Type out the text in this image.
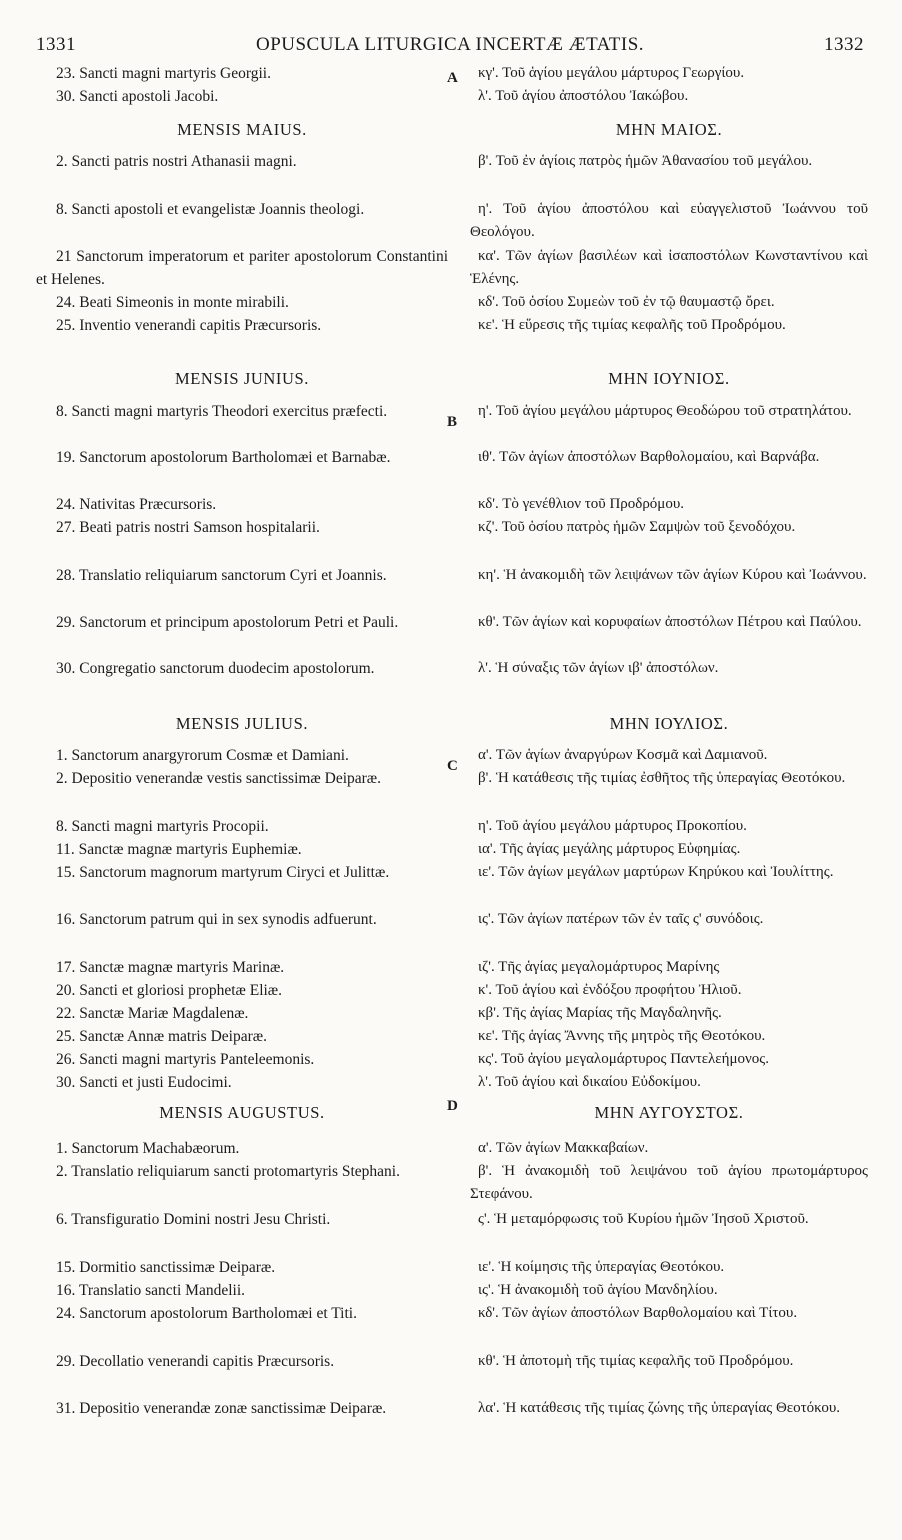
1331	OPUSCULA LITURGICA INCERTÆ ÆTATIS.	1332
23. Sancti magni martyris Georgii.
30. Sancti apostoli Jacobi.
MENSIS MAIUS.
2. Sancti patris nostri Athanasii magni.
8. Sancti apostoli et evangelistæ Joannis theologi.
21 Sanctorum imperatorum et pariter apostolorum Constantini et Helenes.
24. Beati Simeonis in monte mirabili.
25. Inventio venerandi capitis Præcursoris.
MENSIS JUNIUS.
8. Sancti magni martyris Theodori exercitus præfecti.
19. Sanctorum apostolorum Bartholomæi et Barnabæ.
24. Nativitas Præcursoris.
27. Beati patris nostri Samson hospitalarii.
28. Translatio reliquiarum sanctorum Cyri et Joannis.
29. Sanctorum et principum apostolorum Petri et Pauli.
30. Congregatio sanctorum duodecim apostolorum.
MENSIS JULIUS.
1. Sanctorum anargyrorum Cosmæ et Damiani.
2. Depositio venerandæ vestis sanctissimæ Deiparæ.
8. Sancti magni martyris Procopii.
11. Sanctæ magnæ martyris Euphemiæ.
15. Sanctorum magnorum martyrum Ciryci et Julittæ.
16. Sanctorum patrum qui in sex synodis adfuerunt.
17. Sanctæ magnæ martyris Marinæ.
20. Sancti et gloriosi prophetæ Eliæ.
22. Sanctæ Mariæ Magdalenæ.
25. Sanctæ Annæ matris Deiparæ.
26. Sancti magni martyris Panteleemonis.
30. Sancti et justi Eudocimi.
MENSIS AUGUSTUS.
1. Sanctorum Machabæorum.
2. Translatio reliquiarum sancti protomartyris Stephani.
6. Transfiguratio Domini nostri Jesu Christi.
15. Dormitio sanctissimæ Deiparæ.
16. Translatio sancti Mandelii.
24. Sanctorum apostolorum Bartholomæi et Titi.
29. Decollatio venerandi capitis Præcursoris.
31. Depositio venerandæ zonæ sanctissimæ Deiparæ.
A
B
C
D
κγ'. Τοῦ ἁγίου μεγάλου μάρτυρος Γεωργίου.
λ'. Τοῦ ἁγίου ἀποστόλου Ἰακώβου.
ΜΗΝ ΜΑΙΟΣ.
β'. Τοῦ ἐν ἁγίοις πατρὸς ἡμῶν Ἀθανασίου τοῦ μεγάλου.
η'. Τοῦ ἁγίου ἀποστόλου καὶ εὐαγγελιστοῦ Ἰωάννου τοῦ Θεολόγου.
κα'. Τῶν ἁγίων βασιλέων καὶ ἰσαποστόλων Κωνσταντίνου καὶ Ἑλένης.
κδ'. Τοῦ ὁσίου Συμεὼν τοῦ ἐν τῷ θαυμαστῷ ὄρει.
κε'. Ἡ εὕρεσις τῆς τιμίας κεφαλῆς τοῦ Προδρόμου.
ΜΗΝ ΙΟΥΝΙΟΣ.
η'. Τοῦ ἁγίου μεγάλου μάρτυρος Θεοδώρου τοῦ στρατηλάτου.
ιθ'. Τῶν ἁγίων ἀποστόλων Βαρθολομαίου, καὶ Βαρνάβα.
κδ'. Τὸ γενέθλιον τοῦ Προδρόμου.
κζ'. Τοῦ ὁσίου πατρὸς ἡμῶν Σαμψὼν τοῦ ξενοδόχου.
κη'. Ἡ ἀνακομιδὴ τῶν λειψάνων τῶν ἁγίων Κύρου καὶ Ἰωάννου.
κθ'. Τῶν ἁγίων καὶ κορυφαίων ἀποστόλων Πέτρου καὶ Παύλου.
λ'. Ἡ σύναξις τῶν ἁγίων ιβ' ἀποστόλων.
ΜΗΝ ΙΟΥΛΙΟΣ.
α'. Τῶν ἁγίων ἀναργύρων Κοσμᾶ καὶ Δαμιανοῦ.
β'. Ἡ κατάθεσις τῆς τιμίας ἐσθῆτος τῆς ὑπεραγίας Θεοτόκου.
η'. Τοῦ ἁγίου μεγάλου μάρτυρος Προκοπίου.
ια'. Τῆς ἁγίας μεγάλης μάρτυρος Εὐφημίας.
ιε'. Τῶν ἁγίων μεγάλων μαρτύρων Κηρύκου καὶ Ἰουλίττης.
ις'. Τῶν ἁγίων πατέρων τῶν ἐν ταῖς ς' συνόδοις.
ιζ'. Τῆς ἁγίας μεγαλομάρτυρος Μαρίνης
κ'. Τοῦ ἁγίου καὶ ἐνδόξου προφήτου Ἠλιοῦ.
κβ'. Τῆς ἁγίας Μαρίας τῆς Μαγδαληνῆς.
κε'. Τῆς ἁγίας Ἄννης τῆς μητρὸς τῆς Θεοτόκου.
κς'. Τοῦ ἁγίου μεγαλομάρτυρος Παντελεήμονος.
λ'. Τοῦ ἁγίου καὶ δικαίου Εὐδοκίμου.
ΜΗΝ ΑΥΓΟΥΣΤΟΣ.
α'. Τῶν ἁγίων Μακκαβαίων.
β'. Ἡ ἀνακομιδὴ τοῦ λειψάνου τοῦ ἁγίου πρωτομάρτυρος Στεφάνου.
ς'. Ἡ μεταμόρφωσις τοῦ Κυρίου ἡμῶν Ἰησοῦ Χριστοῦ.
ιε'. Ἡ κοίμησις τῆς ὑπεραγίας Θεοτόκου.
ις'. Ἡ ἀνακομιδὴ τοῦ ἁγίου Μανδηλίου.
κδ'. Τῶν ἁγίων ἀποστόλων Βαρθολομαίου καὶ Τίτου.
κθ'. Ἡ ἀποτομὴ τῆς τιμίας κεφαλῆς τοῦ Προδρόμου.
λα'. Ἡ κατάθεσις τῆς τιμίας ζώνης τῆς ὑπεραγίας Θεοτόκου.
